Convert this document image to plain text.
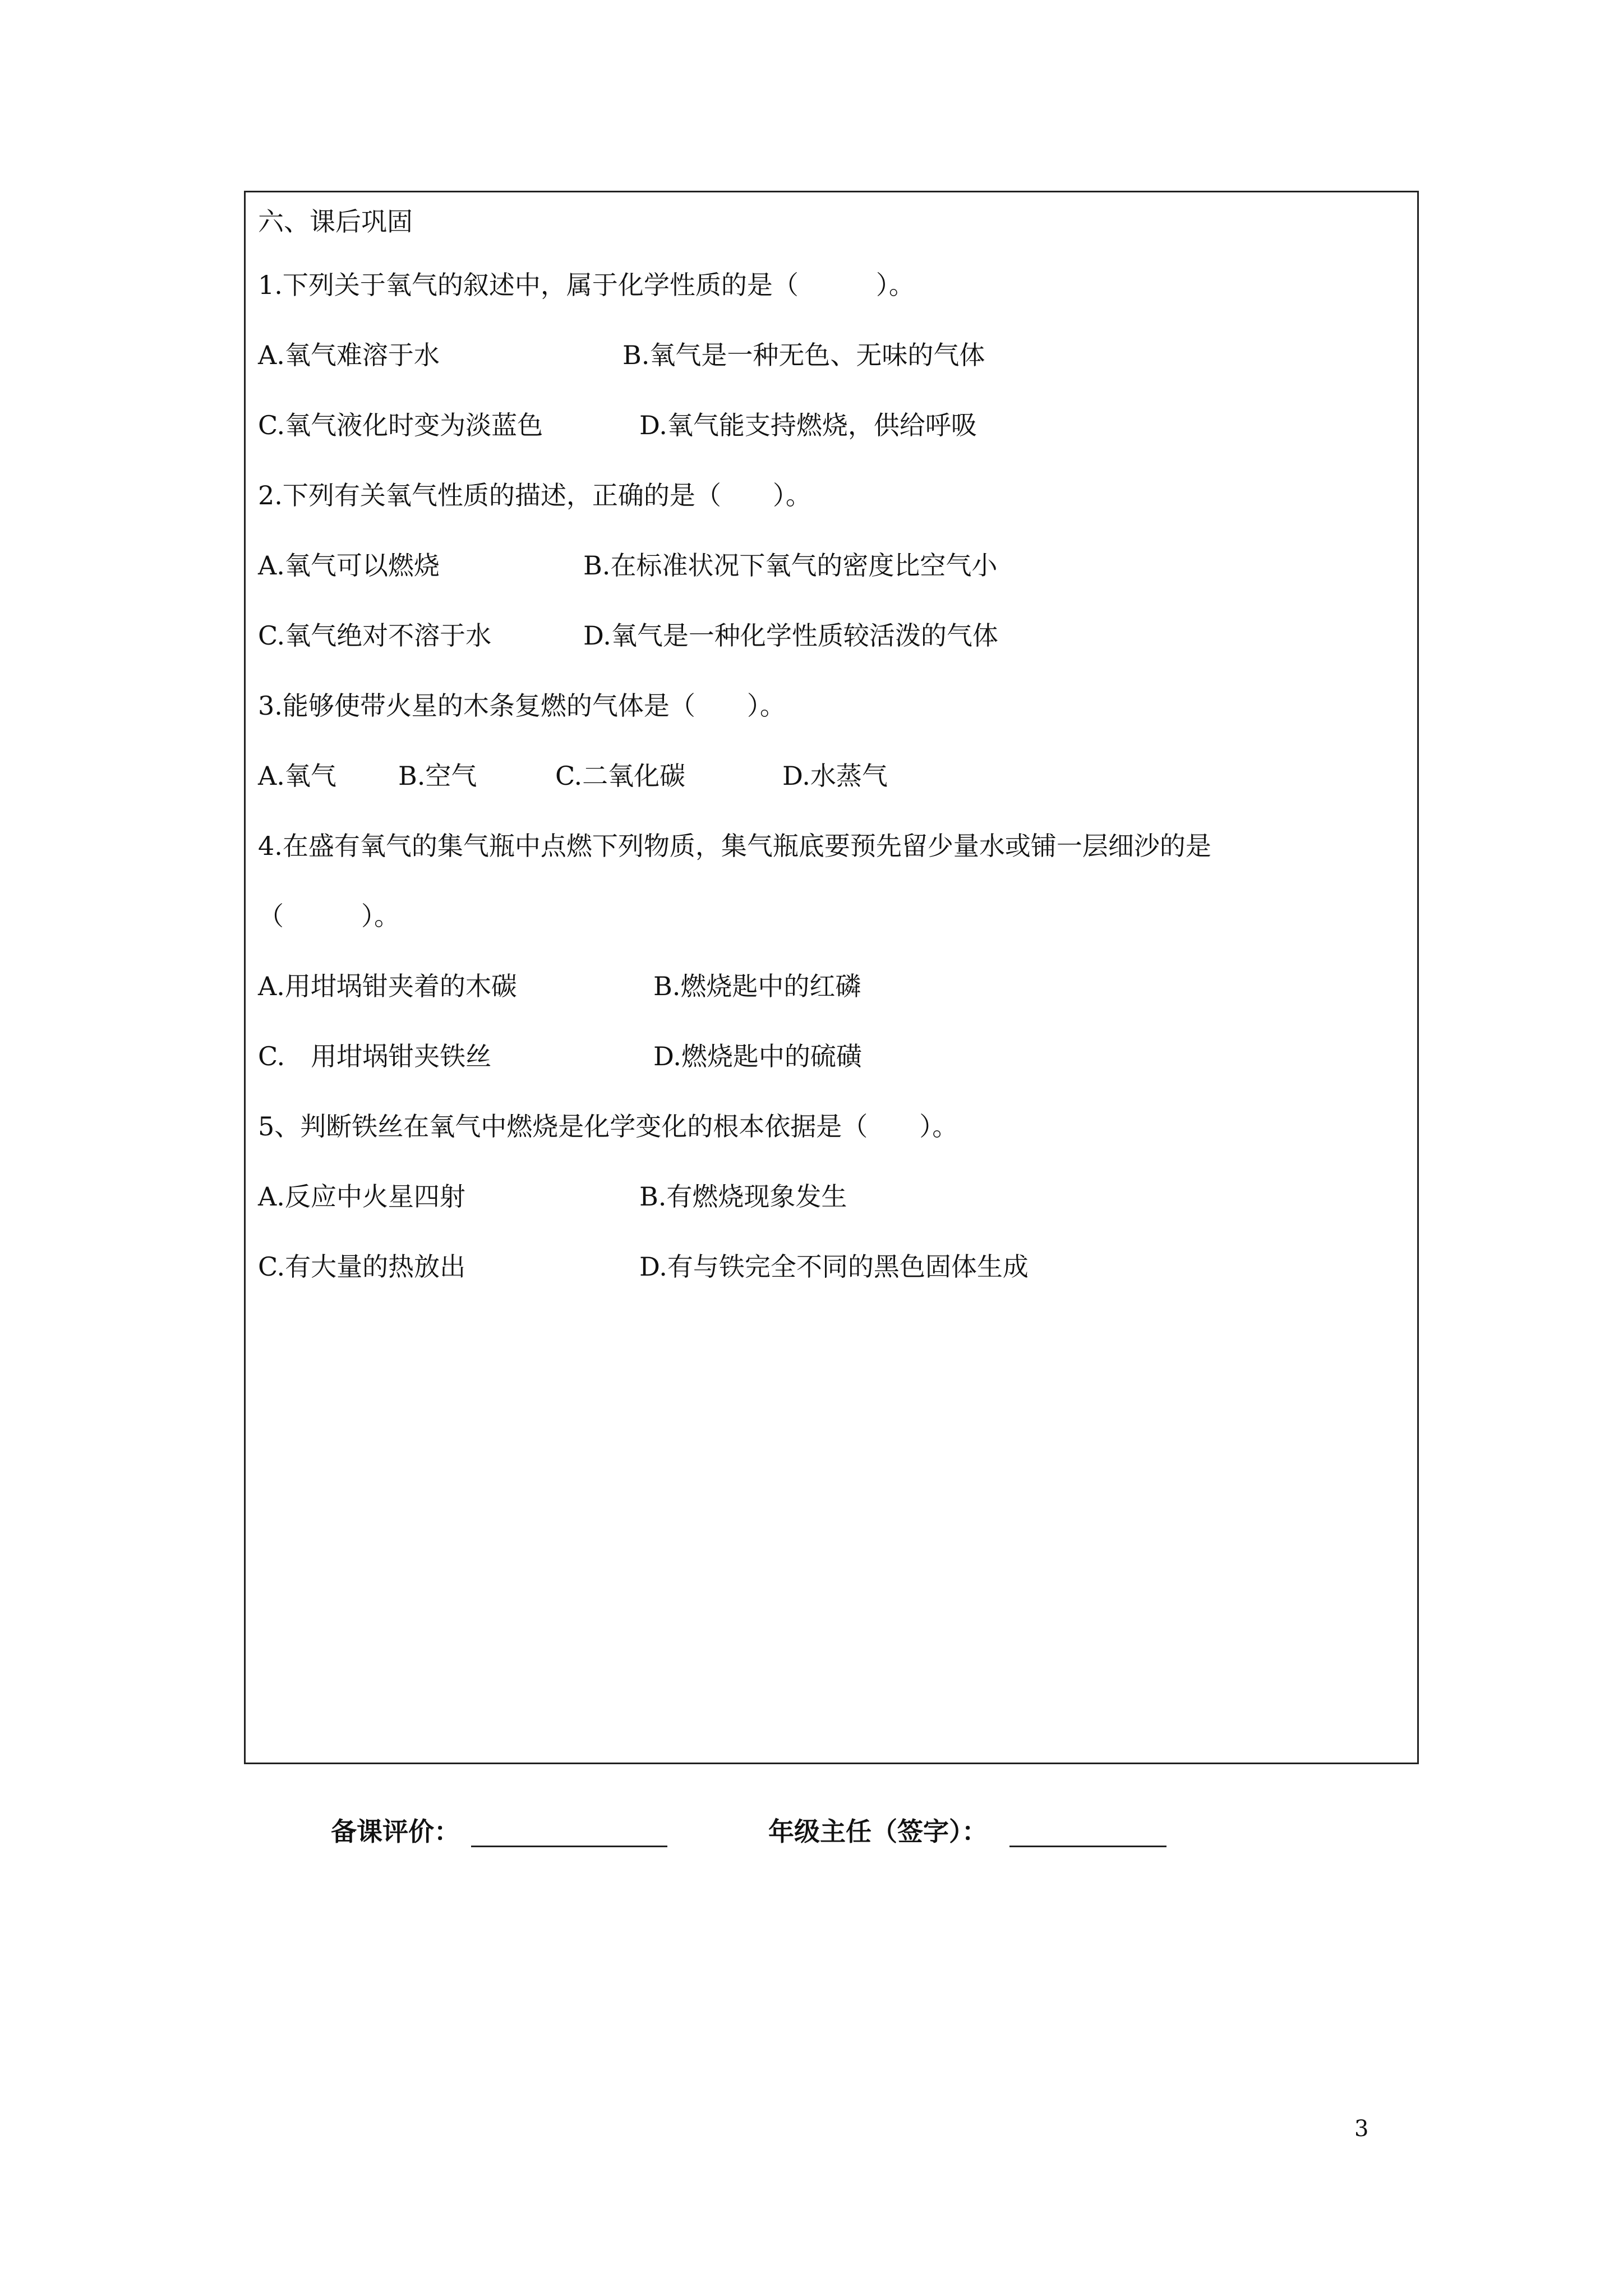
六、课后巩固
1.下列关于氧气的叙述中，属于化学性质的是（　　　）。
A.氧气难溶于水	B.氧气是一种无色、无味的气体
C.氧气液化时变为淡蓝色	D.氧气能支持燃烧，供给呼吸
2.下列有关氧气性质的描述，正确的是（　　）。
A.氧气可以燃烧	B.在标准状况下氧气的密度比空气小
C.氧气绝对不溶于水	D.氧气是一种化学性质较活泼的气体
3.能够使带火星的木条复燃的气体是（　　）。
A.氧气 B.空气	C.二氧化碳	D.水蒸气
4.在盛有氧气的集气瓶中点燃下列物质，集气瓶底要预先留少量水或铺一层细沙的是
（　　　）。
A.用坩埚钳夹着的木碳	B.燃烧匙中的红磷
C.　用坩埚钳夹铁丝	D.燃烧匙中的硫磺
5、判断铁丝在氧气中燃烧是化学变化的根本依据是（　　）。
A.反应中火星四射	B.有燃烧现象发生
C.有大量的热放出	D.有与铁完全不同的黑色固体生成
备课评价：	年级主任（签字）：
3
